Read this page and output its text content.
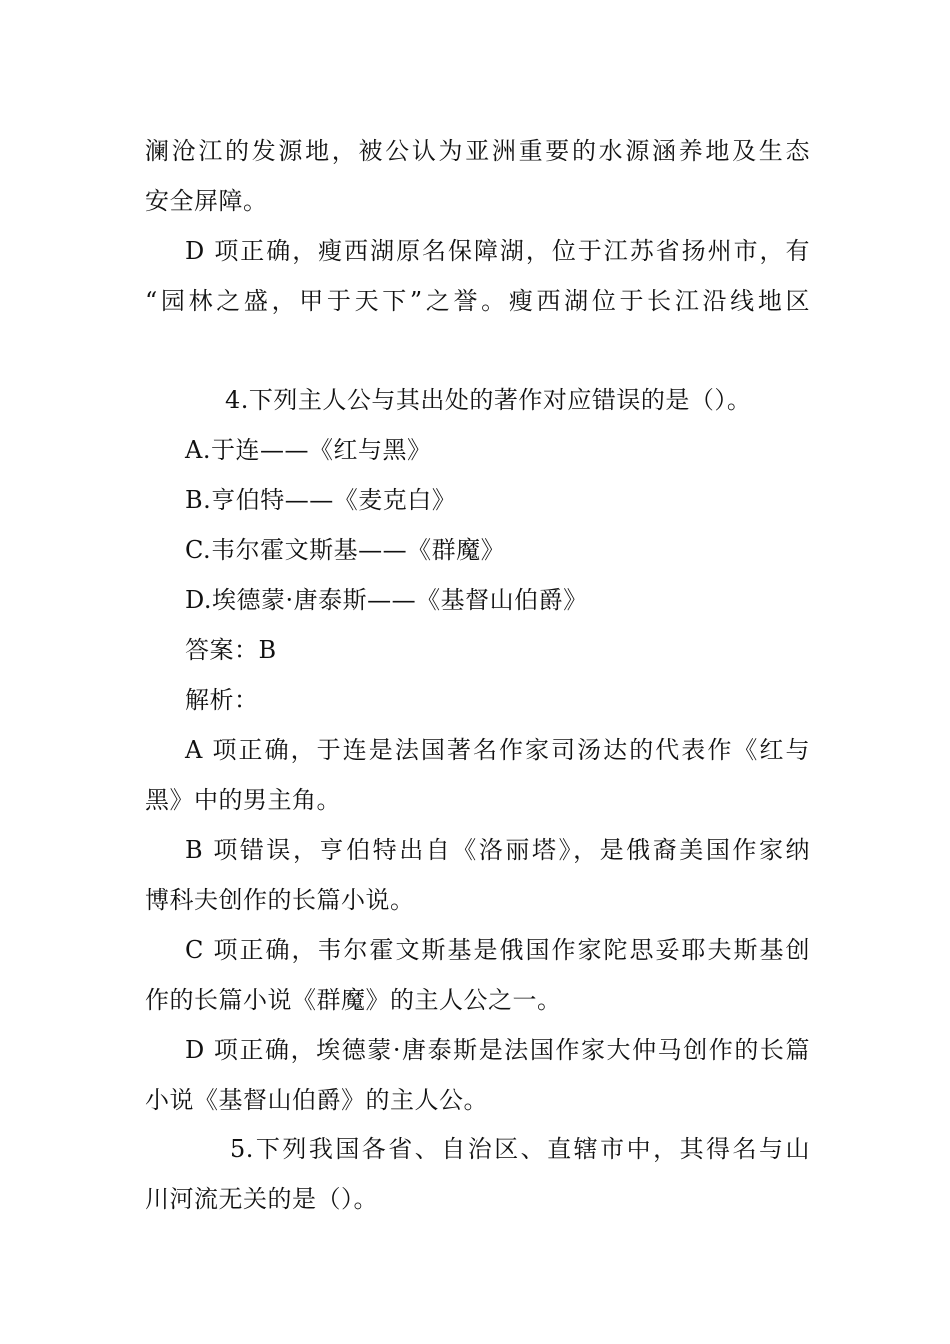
澜沧江的发源地，被公认为亚洲重要的水源涵养地及生态
安全屏障。
D 项正确，瘦西湖原名保障湖，位于江苏省扬州市，有
“园林之盛，甲于天下”之誉。瘦西湖位于长江沿线地区
4.下列主人公与其出处的著作对应错误的是（）。
A.于连——《红与黑》
B.亨伯特——《麦克白》
C.韦尔霍文斯基——《群魔》
D.埃德蒙·唐泰斯——《基督山伯爵》
答案：B
解析：
A 项正确，于连是法国著名作家司汤达的代表作《红与
黑》中的男主角。
B 项错误，亨伯特出自《洛丽塔》，是俄裔美国作家纳
博科夫创作的长篇小说。
C 项正确，韦尔霍文斯基是俄国作家陀思妥耶夫斯基创
作的长篇小说《群魔》的主人公之一。
D 项正确，埃德蒙·唐泰斯是法国作家大仲马创作的长篇
小说《基督山伯爵》的主人公。
5.下列我国各省、自治区、直辖市中，其得名与山
川河流无关的是（）。
